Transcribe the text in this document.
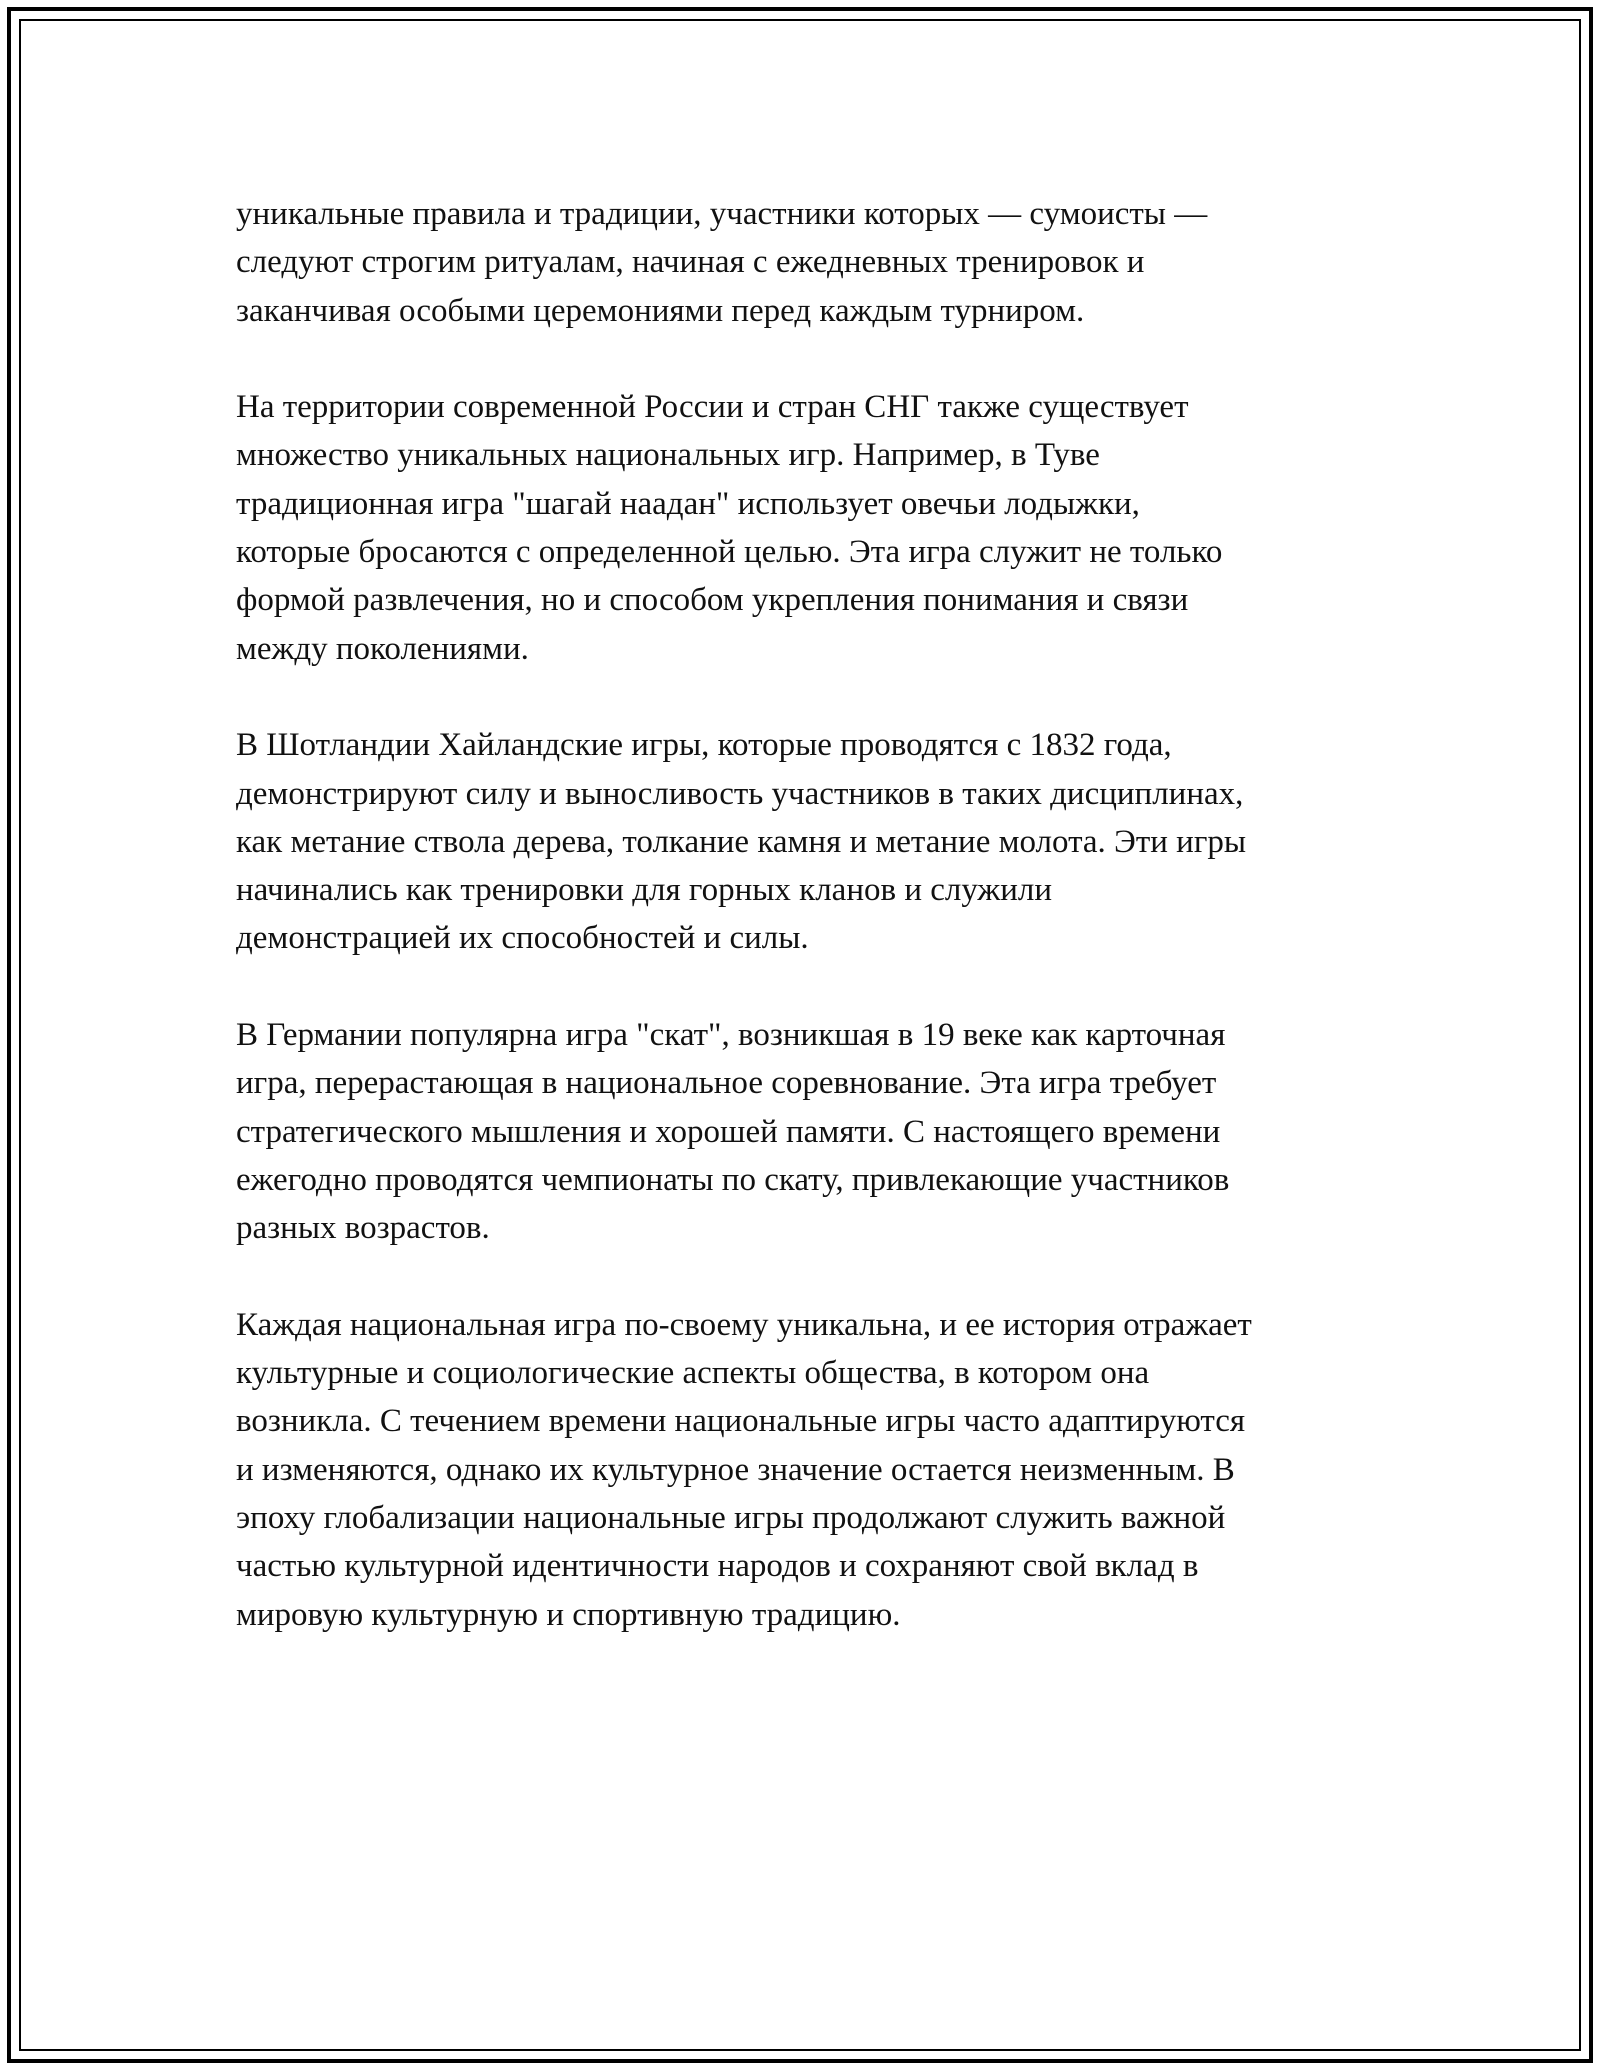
уникальные правила и традиции, участники которых — сумоисты —
следуют строгим ритуалам, начиная с ежедневных тренировок и
заканчивая особыми церемониями перед каждым турниром.

На территории современной России и стран СНГ также существует
множество уникальных национальных игр. Например, в Туве
традиционная игра "шагай наадан" использует овечьи лодыжки,
которые бросаются с определенной целью. Эта игра служит не только
формой развлечения, но и способом укрепления понимания и связи
между поколениями.

В Шотландии Хайландские игры, которые проводятся с 1832 года,
демонстрируют силу и выносливость участников в таких дисциплинах,
как метание ствола дерева, толкание камня и метание молота. Эти игры
начинались как тренировки для горных кланов и служили
демонстрацией их способностей и силы.

В Германии популярна игра "скат", возникшая в 19 веке как карточная
игра, перерастающая в национальное соревнование. Эта игра требует
стратегического мышления и хорошей памяти. С настоящего времени
ежегодно проводятся чемпионаты по скату, привлекающие участников
разных возрастов.

Каждая национальная игра по-своему уникальна, и ее история отражает
культурные и социологические аспекты общества, в котором она
возникла. С течением времени национальные игры часто адаптируются
и изменяются, однако их культурное значение остается неизменным. В
эпоху глобализации национальные игры продолжают служить важной
частью культурной идентичности народов и сохраняют свой вклад в
мировую культурную и спортивную традицию.
